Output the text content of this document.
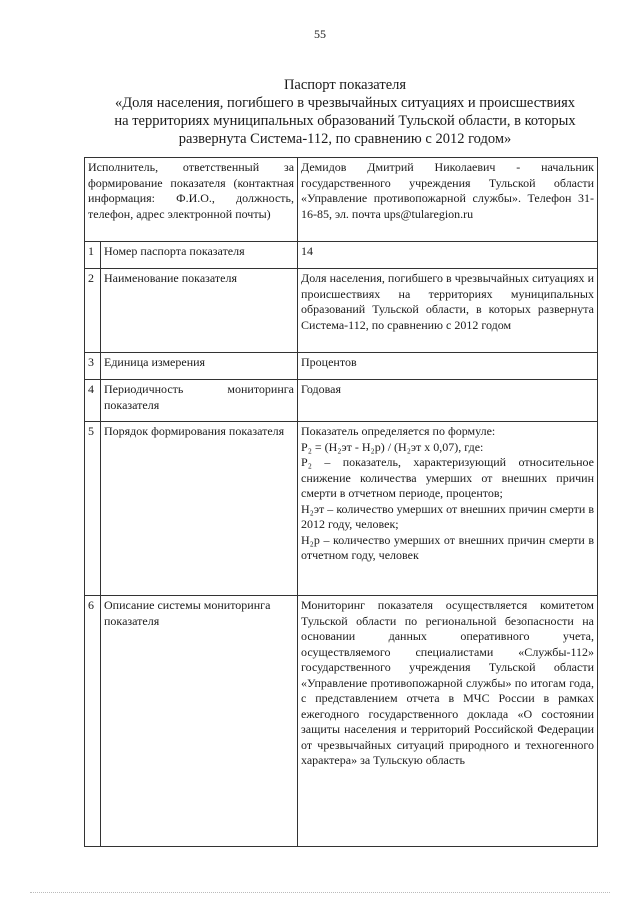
55
Паспорт показателя
«Доля населения, погибшего в чрезвычайных ситуациях и происшествиях
на территориях муниципальных образований Тульской области, в которых
развернута Система-112, по сравнению с 2012 годом»
Исполнитель, ответственный за формирование показателя (контактная информация: Ф.И.О., должность, телефон, адрес электронной почты)		Демидов Дмитрий Николаевич - начальник государственного учреждения Тульской области «Управление противопожарной службы». Телефон 31-16-85, эл. почта ups@tularegion.ru
1	Номер паспорта показателя	14
2	Наименование показателя	Доля населения, погибшего в чрезвычайных ситуациях и происшествиях на территориях муниципальных образований Тульской области, в которых развернута Система-112, по сравнению с 2012 годом
3	Единица измерения	Процентов
4	Периодичность мониторинга показателя	Годовая
5	Порядок формирования показателя	Показатель определяется по формуле:
P₂ = (H₂эт - H₂р) / (H₂эт x 0,07), где:
P₂ – показатель, характеризующий относительное снижение количества умерших от внешних причин смерти в отчетном периоде, процентов;
H₂эт – количество умерших от внешних причин смерти в 2012 году, человек;
H₂р – количество умерших от внешних причин смерти в отчетном году, человек

6	Описание системы мониторинга показателя	Мониторинг показателя осуществляется комитетом Тульской области по региональной безопасности на основании данных оперативного учета, осуществляемого специалистами «Службы-112» государственного учреждения Тульской области «Управление противопожарной службы» по итогам года, с представлением отчета в МЧС России в рамках ежегодного государственного доклада «О состоянии защиты населения и территорий Российской Федерации от чрезвычайных ситуаций природного и техногенного характера» за Тульскую область
